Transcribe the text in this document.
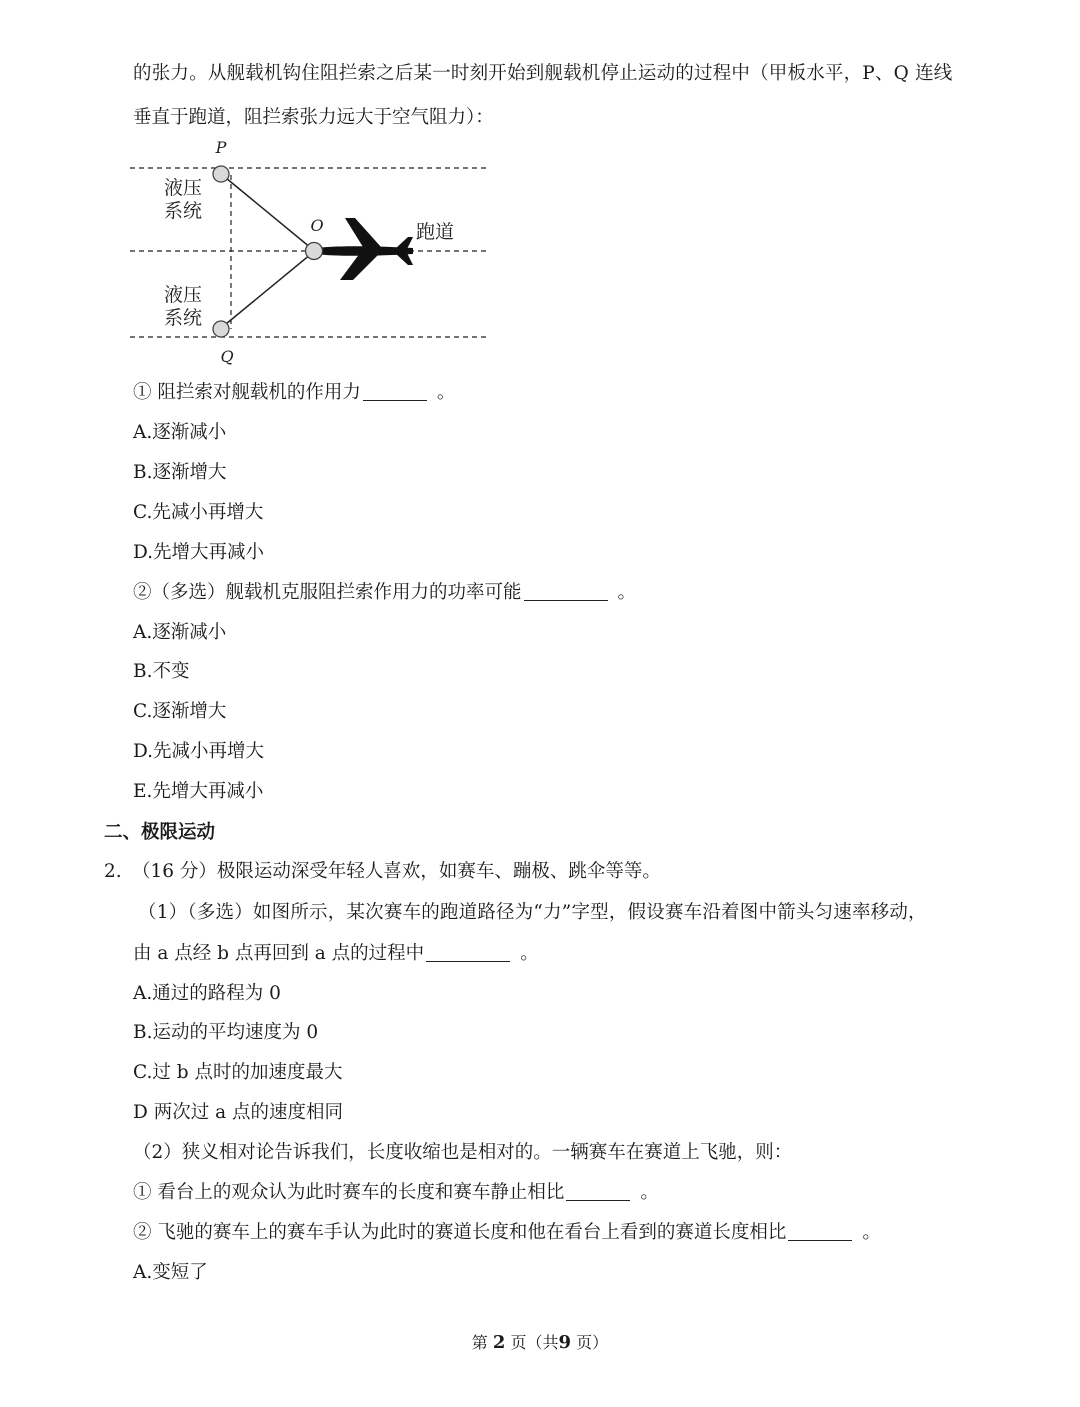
的张力。从舰载机钩住阻拦索之后某一时刻开始到舰载机停止运动的过程中（甲板水平，P、Q 连线
垂直于跑道，阻拦索张力远大于空气阻力）：
P
Q
O
液压
系统
液压
系统
跑道
① 阻拦索对舰载机的作用力	。
A.逐渐减小
B.逐渐增大
C.先减小再增大
D.先增大再减小
②（多选）舰载机克服阻拦索作用力的功率可能	。
A.逐渐减小
B.不变
C.逐渐增大
D.先减小再增大
E.先增大再减小
二、极限运动
2. （16 分）极限运动深受年轻人喜欢，如赛车、蹦极、跳伞等等。
（1）（多选）如图所示，某次赛车的跑道路径为“力”字型，假设赛车沿着图中箭头匀速率移动，
由 a 点经 b 点再回到 a 点的过程中	。
A.通过的路程为 0
B.运动的平均速度为 0
C.过 b 点时的加速度最大
D 两次过 a 点的速度相同
（2）狭义相对论告诉我们，长度收缩也是相对的。一辆赛车在赛道上飞驰，则：
① 看台上的观众认为此时赛车的长度和赛车静止相比	。
② 飞驰的赛车上的赛车手认为此时的赛道长度和他在看台上看到的赛道长度相比	。
A.变短了
第 2 页（共9 页）
